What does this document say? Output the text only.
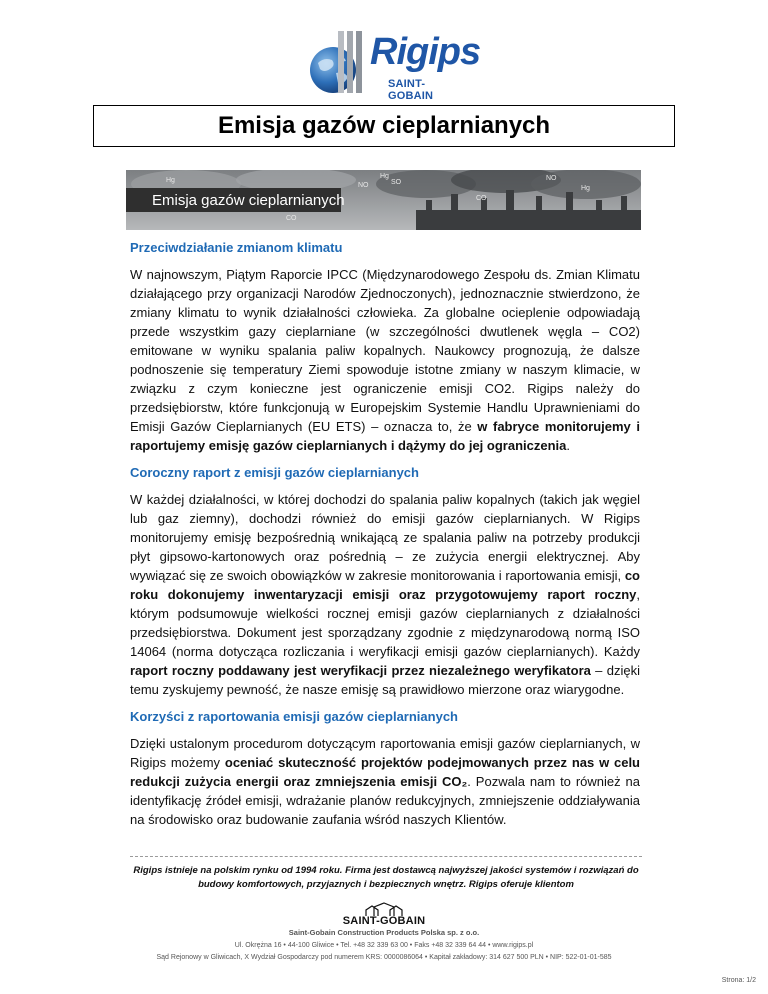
Rigips
SAINT-GOBAIN
Emisja gazów cieplarnianych
Hg
NO	SO
NO
CO
Hg
Hg
CO
Emisja gazów cieplarnianych

Przeciwdziałanie zmianom klimatu

W najnowszym, Piątym Raporcie IPCC (Międzynarodowego Zespołu ds. Zmian Klimatu działającego przy organizacji Narodów Zjednoczonych), jednoznacznie stwierdzono, że zmiany klimatu to wynik działalności człowieka. Za globalne ocieplenie odpowiadają przede wszystkim gazy cieplarniane (w szczególności dwutlenek węgla – CO2) emitowane w wyniku spalania paliw kopalnych. Naukowcy prognozują, że dalsze podnoszenie się temperatury Ziemi spowoduje istotne zmiany w naszym klimacie, w związku z czym konieczne jest ograniczenie emisji CO2. Rigips należy do przedsiębiorstw, które funkcjonują w Europejskim Systemie Handlu Uprawnieniami do Emisji Gazów Cieplarnianych (EU ETS) – oznacza to, że w fabryce monitorujemy i raportujemy emisję gazów cieplarnianych i dążymy do jej ograniczenia.

Coroczny raport z emisji gazów cieplarnianych

W każdej działalności, w której dochodzi do spalania paliw kopalnych (takich jak węgiel lub gaz ziemny), dochodzi również do emisji gazów cieplarnianych. W Rigips monitorujemy emisję bezpośrednią wnikającą ze spalania paliw na potrzeby produkcji płyt gipsowo-kartonowych oraz pośrednią – ze zużycia energii elektrycznej. Aby wywiązać się ze swoich obowiązków w zakresie monitorowania i raportowania emisji, co roku dokonujemy inwentaryzacji emisji oraz przygotowujemy raport roczny, którym podsumowuje wielkości rocznej emisji gazów cieplarnianych z działalności przedsiębiorstwa. Dokument jest sporządzany zgodnie z międzynarodową normą ISO 14064 (norma dotycząca rozliczania i weryfikacji emisji gazów cieplarnianych). Każdy raport roczny poddawany jest weryfikacji przez niezależnego weryfikatora – dzięki temu zyskujemy pewność, że nasze emisję są prawidłowo mierzone oraz wiarygodne.

Korzyści z raportowania emisji gazów cieplarnianych

Dzięki ustalonym procedurom dotyczącym raportowania emisji gazów cieplarnianych, w Rigips możemy oceniać skuteczność projektów podejmowanych przez nas w celu redukcji zużycia energii oraz zmniejszenia emisji CO₂. Pozwala nam to również na identyfikację źródeł emisji, wdrażanie planów redukcyjnych, zmniejszenie oddziaływania na środowisko oraz budowanie zaufania wśród naszych Klientów.

Rigips istnieje na polskim rynku od 1994 roku. Firma jest dostawcą najwyższej jakości systemów i rozwiązań do budowy komfortowych, przyjaznych i bezpiecznych wnętrz. Rigips oferuje klientom
SAINT-GOBAIN
Saint-Gobain Construction Products Polska sp. z o.o.
Ul. Okrężna 16 • 44-100 Gliwice • Tel. +48 32 339 63 00 • Faks +48 32 339 64 44 • www.rigips.pl
Sąd Rejonowy w Gliwicach, X Wydział Gospodarczy pod numerem KRS: 0000086064 • Kapitał zakładowy: 314 627 500 PLN • NIP: 522-01-01-585
Strona: 1/2
